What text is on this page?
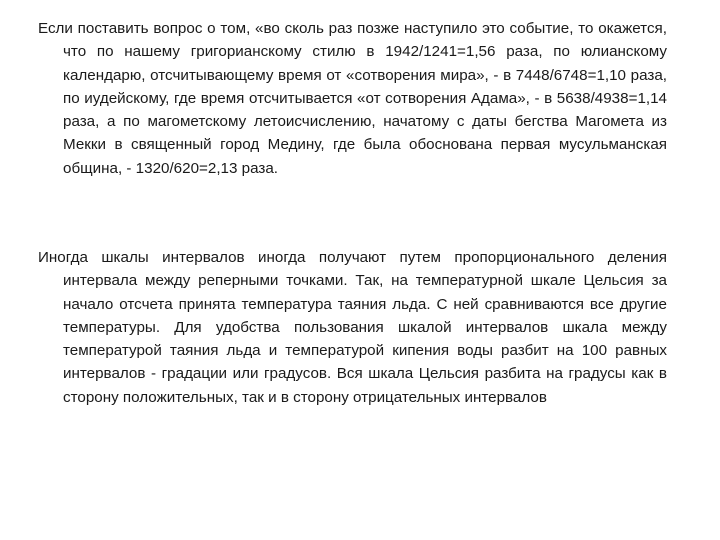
Если поставить вопрос о том, «во сколь раз позже наступило это событие, то окажется, что по нашему григорианскому стилю в 1942/1241=1,56 раза, по юлианскому календарю, отсчитывающему время от «сотворения мира», - в 7448/6748=1,10 раза, по иудейскому, где время отсчитывается «от сотворения Адама», - в 5638/4938=1,14 раза, а по магометскому летоисчислению, начатому с даты бегства Магомета из Мекки в священный город Медину, где была обоснована первая мусульманская община, - 1320/620=2,13 раза.

Иногда шкалы интервалов иногда получают путем пропорционального деления интервала между реперными точками. Так, на температурной шкале Цельсия за начало отсчета принята температура таяния льда. С ней сравниваются все другие температуры. Для удобства пользования шкалой интервалов шкала между температурой таяния льда и температурой кипения воды разбит на 100 равных интервалов - градации или градусов. Вся шкала Цельсия разбита на градусы как в сторону положительных, так и в сторону отрицательных интервалов
